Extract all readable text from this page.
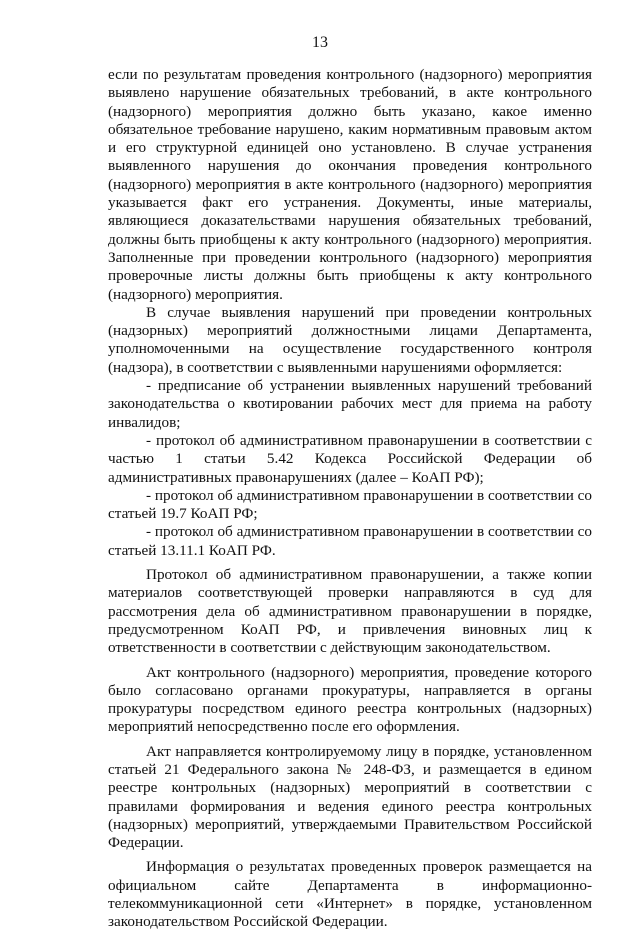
13

если по результатам проведения контрольного (надзорного) мероприятия выявлено нарушение обязательных требований, в акте контрольного (надзорного) мероприятия должно быть указано, какое именно обязательное требование нарушено, каким нормативным правовым актом и его структурной единицей оно установлено. В случае устранения выявленного нарушения до окончания проведения контрольного (надзорного) мероприятия в акте контрольного (надзорного) мероприятия указывается факт его устранения. Документы, иные материалы, являющиеся доказательствами нарушения обязательных требований, должны быть приобщены к акту контрольного (надзорного) мероприятия. Заполненные при проведении контрольного (надзорного) мероприятия проверочные листы должны быть приобщены к акту контрольного (надзорного) мероприятия.

В случае выявления нарушений при проведении контрольных (надзорных) мероприятий должностными лицами Департамента, уполномоченными на осуществление государственного контроля (надзора), в соответствии с выявленными нарушениями оформляется:

- предписание об устранении выявленных нарушений требований законодательства о квотировании рабочих мест для приема на работу инвалидов;

- протокол об административном правонарушении в соответствии с частью 1 статьи 5.42 Кодекса Российской Федерации об административных правонарушениях (далее – КоАП РФ);

- протокол об административном правонарушении в соответствии со статьей 19.7 КоАП РФ;

- протокол об административном правонарушении в соответствии со статьей 13.11.1 КоАП РФ.

Протокол об административном правонарушении, а также копии материалов соответствующей проверки направляются в суд для рассмотрения дела об административном правонарушении в порядке, предусмотренном КоАП РФ, и привлечения виновных лиц к ответственности в соответствии с действующим законодательством.

Акт контрольного (надзорного) мероприятия, проведение которого было согласовано органами прокуратуры, направляется в органы прокуратуры посредством единого реестра контрольных (надзорных) мероприятий непосредственно после его оформления.

Акт направляется контролируемому лицу в порядке, установленном статьей 21 Федерального закона № 248-ФЗ, и размещается в едином реестре контрольных (надзорных) мероприятий в соответствии с правилами формирования и ведения единого реестра контрольных (надзорных) мероприятий, утверждаемыми Правительством Российской Федерации.

Информация о результатах проведенных проверок размещается на официальном сайте Департамента в информационно-телекоммуникационной сети «Интернет» в порядке, установленном законодательством Российской Федерации.
